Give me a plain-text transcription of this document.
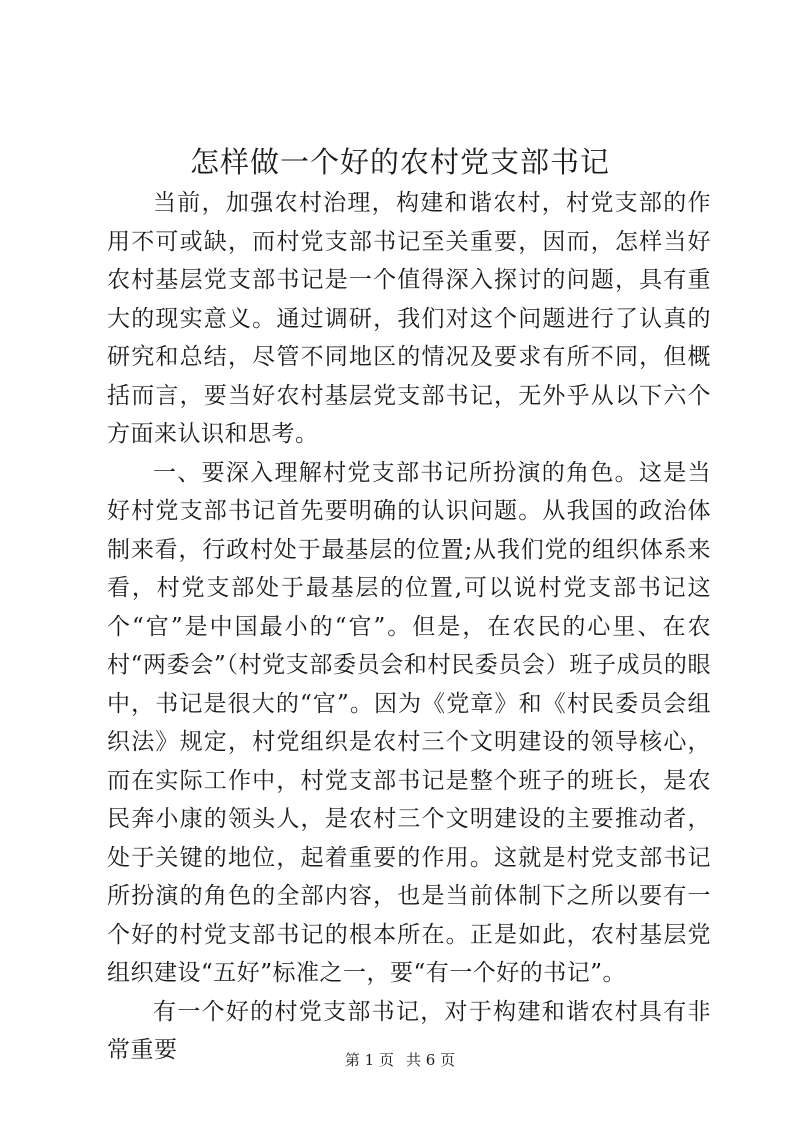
怎样做一个好的农村党支部书记

当前，加强农村治理，构建和谐农村，村党支部的作用不可或缺，而村党支部书记至关重要，因而，怎样当好农村基层党支部书记是一个值得深入探讨的问题，具有重大的现实意义。通过调研，我们对这个问题进行了认真的研究和总结，尽管不同地区的情况及要求有所不同，但概括而言，要当好农村基层党支部书记，无外乎从以下六个方面来认识和思考。

一、要深入理解村党支部书记所扮演的角色。这是当好村党支部书记首先要明确的认识问题。从我国的政治体制来看，行政村处于最基层的位置;从我们党的组织体系来看，村党支部处于最基层的位置,可以说村党支部书记这个“官”是中国最小的“官”。但是，在农民的心里、在农村“两委会”（村党支部委员会和村民委员会）班子成员的眼中，书记是很大的“官”。因为《党章》和《村民委员会组织法》规定，村党组织是农村三个文明建设的领导核心，而在实际工作中，村党支部书记是整个班子的班长，是农民奔小康的领头人，是农村三个文明建设的主要推动者，处于关键的地位，起着重要的作用。这就是村党支部书记所扮演的角色的全部内容，也是当前体制下之所以要有一个好的村党支部书记的根本所在。正是如此，农村基层党组织建设“五好”标准之一，要“有一个好的书记”。

有一个好的村党支部书记，对于构建和谐农村具有非常重要	第 1 页 共 6 页
